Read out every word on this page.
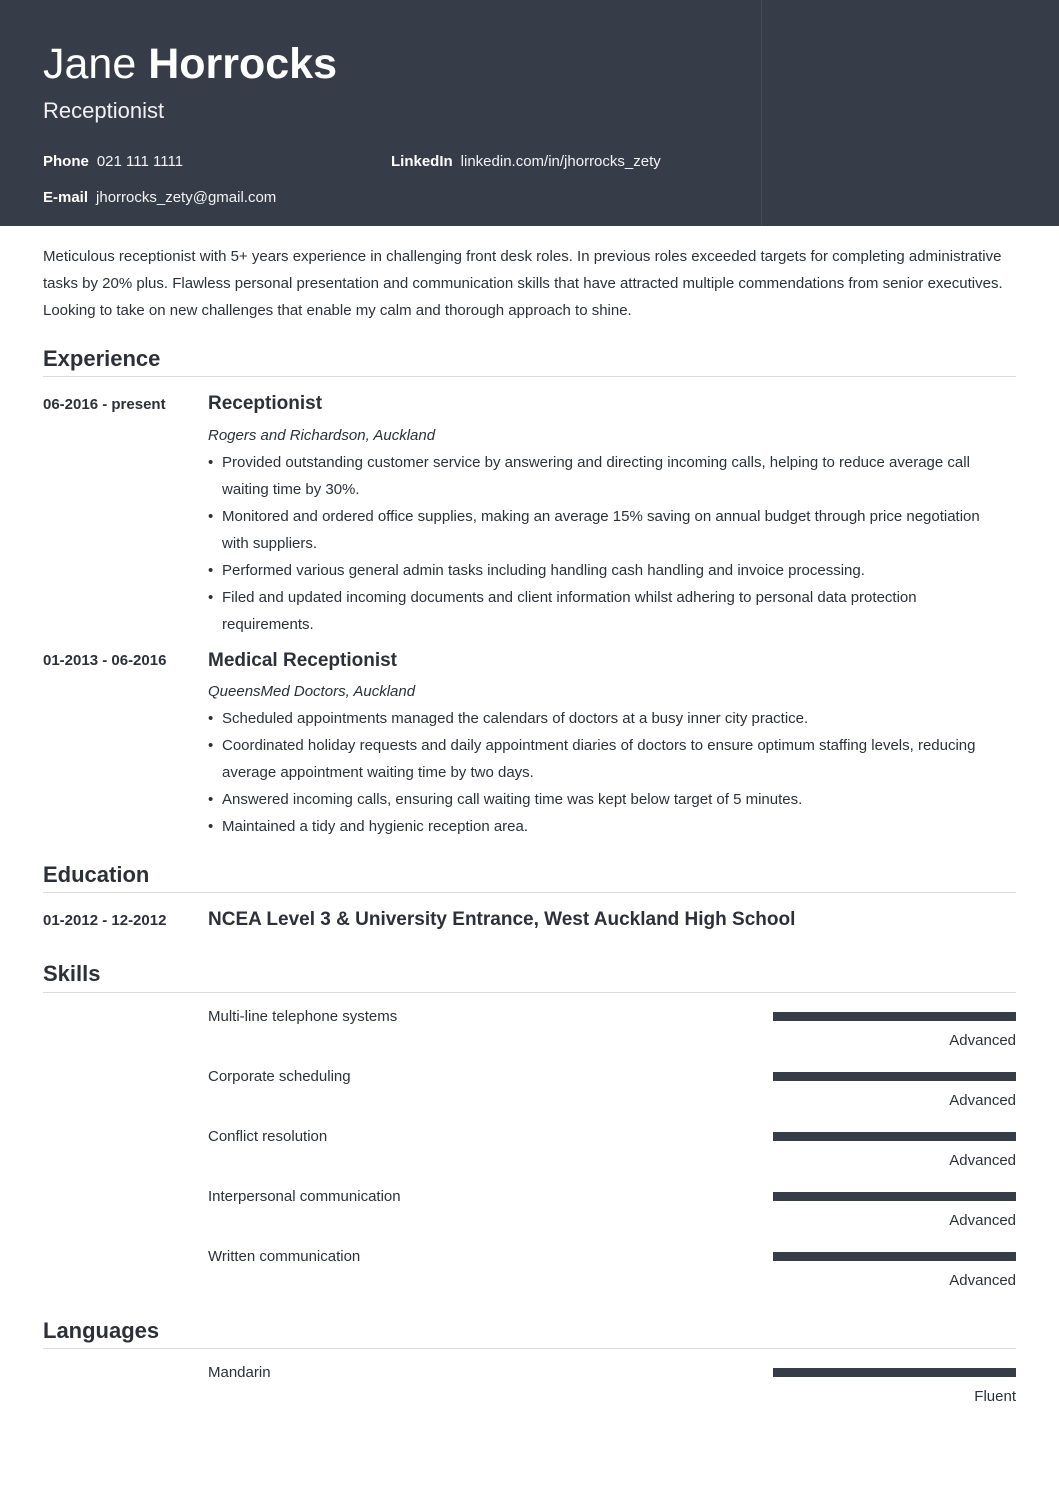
Jane Horrocks
Receptionist
Phone 021 111 1111	LinkedIn linkedin.com/in/jhorrocks_zety
E-mail jhorrocks_zety@gmail.com
Meticulous receptionist with 5+ years experience in challenging front desk roles. In previous roles exceeded targets for completing administrative tasks by 20% plus. Flawless personal presentation and communication skills that have attracted multiple commendations from senior executives. Looking to take on new challenges that enable my calm and thorough approach to shine.
Experience
06-2016 - present Receptionist
Rogers and Richardson, Auckland
• Provided outstanding customer service by answering and directing incoming calls, helping to reduce average call waiting time by 30%.
• Monitored and ordered office supplies, making an average 15% saving on annual budget through price negotiation with suppliers.
• Performed various general admin tasks including handling cash handling and invoice processing.
• Filed and updated incoming documents and client information whilst adhering to personal data protection requirements.
01-2013 - 06-2016 Medical Receptionist
QueensMed Doctors, Auckland
• Scheduled appointments managed the calendars of doctors at a busy inner city practice.
• Coordinated holiday requests and daily appointment diaries of doctors to ensure optimum staffing levels, reducing average appointment waiting time by two days.
• Answered incoming calls, ensuring call waiting time was kept below target of 5 minutes.
• Maintained a tidy and hygienic reception area.
Education
01-2012 - 12-2012 NCEA Level 3 & University Entrance, West Auckland High School
Skills
Multi-line telephone systems
Advanced
Corporate scheduling
Advanced
Conflict resolution
Advanced
Interpersonal communication
Advanced
Written communication
Advanced
Languages
Mandarin
Fluent
